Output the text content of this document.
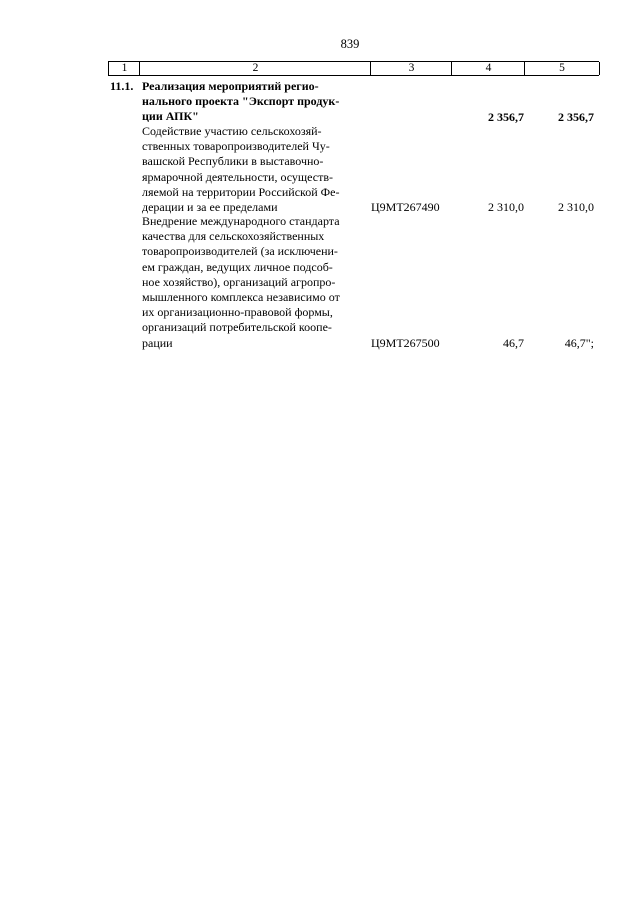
839
1	2	3	4	5
11.1. Реализация мероприятий регио-
нального проекта "Экспорт продук-
ции АПК"	2 356,7	2 356,7
Содействие участию сельскохозяй-
ственных товаропроизводителей Чу-
вашской Республики в выставочно-
ярмарочной деятельности, осуществ-
ляемой на территории Российской Фе-
дерации и за ее пределами	Ц9МТ267490	2 310,0	2 310,0
Внедрение международного стандарта
качества для сельскохозяйственных
товаропроизводителей (за исключени-
ем граждан, ведущих личное подсоб-
ное хозяйство), организаций агропро-
мышленного комплекса независимо от
их организационно-правовой формы,
организаций потребительской коопе-
рации	Ц9МТ267500	46,7	46,7";
